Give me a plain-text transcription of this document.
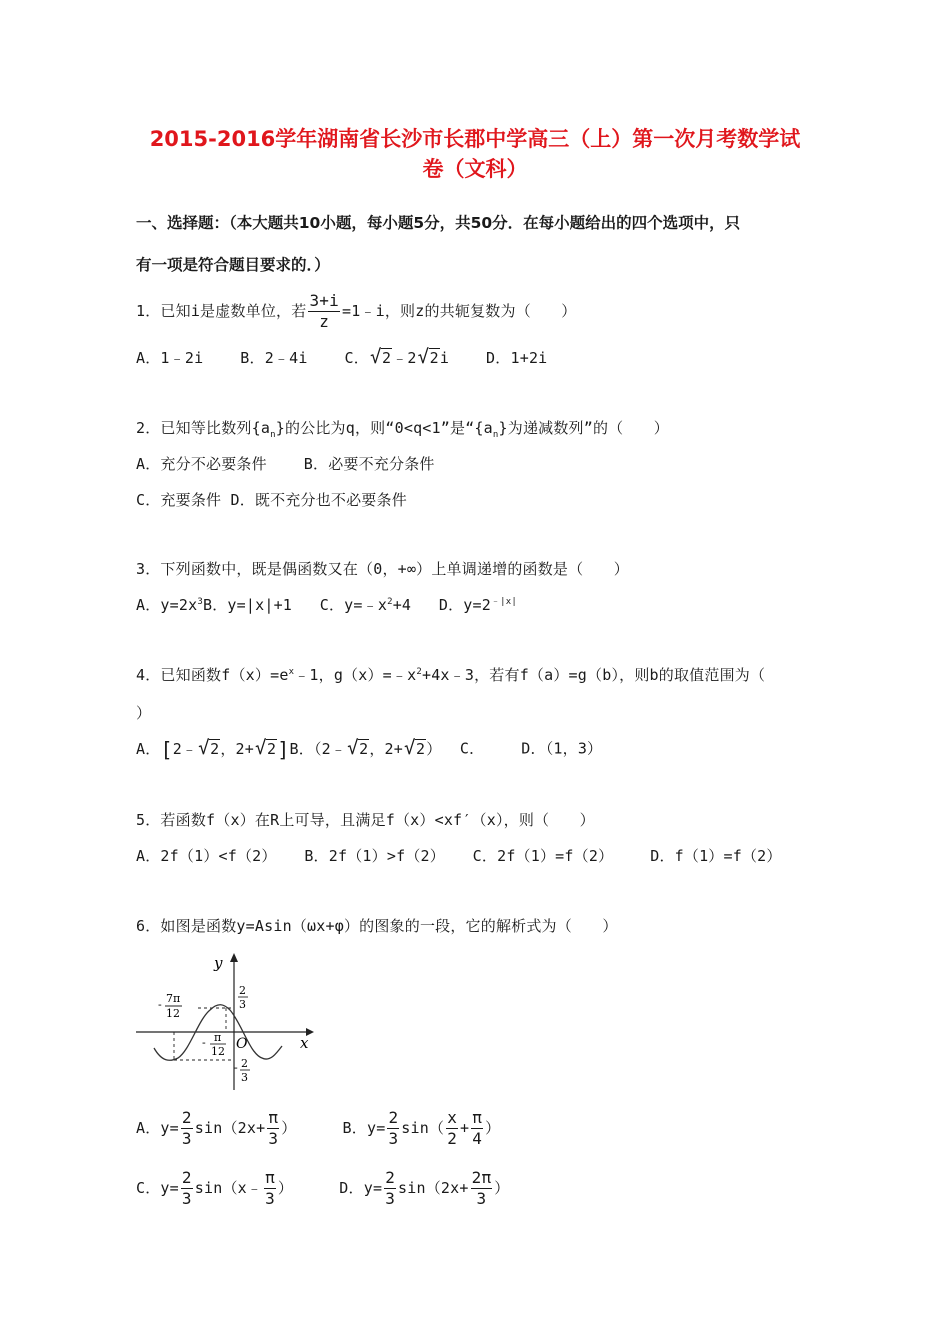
2015-2016学年湖南省长沙市长郡中学高三（上）第一次月考数学试
卷（文科）
一、选择题：（本大题共10小题，每小题5分，共50分．在每小题给出的四个选项中，只
有一项是符合题目要求的．）
1．已知i是虚数单位，若 $\frac{3+i}{z}$ =1﹣i，则z的共轭复数为（　　）
A．1﹣2i B．2﹣4i C． √ 2﹣2 √ 2i D．1+2i
2．已知等比数列$\{a_n\}$的公比为q，则“0<q<1”是“$\{a_n\}$为递减数列”的（　　）
A．充分不必要条件 B．必要不充分条件
C．充要条件 D．既不充分也不必要条件
3．下列函数中，既是偶函数又在（0，+∞）上单调递增的函数是（　　）
A．$y=2x^3B$．y=|x|+1 C．$y=﹣x^2+4$ D．$y=2^{﹣|x|}$
4．已知函数$f(x)=e^x﹣1$，$g(x)=﹣x^2+4x﹣3$，若有f（a）=g（b），则b的取值范围为（
）
A．[2﹣ √ 2，2+ √ 2]B．（2﹣ √ 2，2+ √ 2） C． D．（1，3）
5．若函数f（x）在R上可导，且满足f（x）<xf′（x），则（　　）
A．2f（1）<f（2） B．2f（1）>f（2） C．2f（1）=f（2） D．f（1）=f（2）
6．如图是函数y=Asin（ωx+φ）的图象的一段，它的解析式为（　　）
y
x
O
2
3
- 7π
12
- π
12
- 2
3
A．$y= \frac{2}{3} \sin(2x+ \frac{\pi}{3}$ ）	B．$y= \frac{2}{3} \sin( \frac{x}{2} + \frac{\pi}{4}$ ）
C．$y= \frac{2}{3}$ sin（x﹣ $\frac{\pi}{3}$ ）	D．$y= \frac{2}{3} \sin(2x+ \frac{2\pi}{3}$ ）
